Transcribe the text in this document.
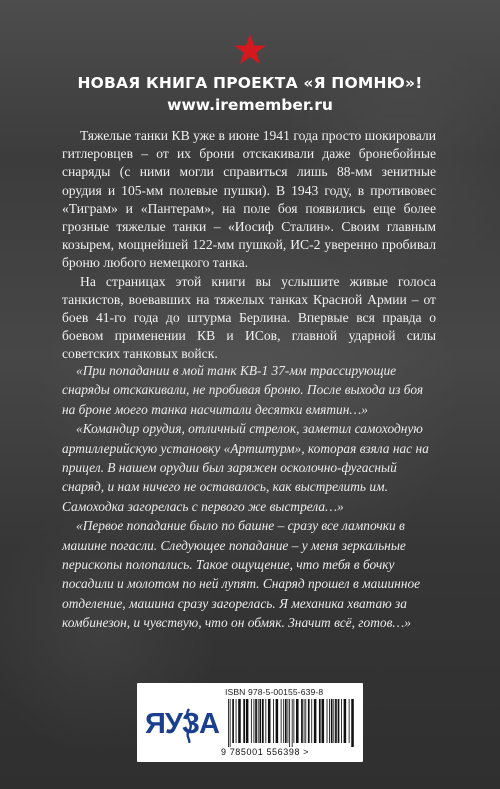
НОВАЯ КНИГА ПРОЕКТА «Я ПОМНЮ»!
www.iremember.ru

Тяжелые танки КВ уже в июне 1941 года просто шокировали гитлеровцев – от их брони отскакивали даже бронебойные снаряды (с ними могли справиться лишь 88-мм зенитные орудия и 105-мм полевые пушки). В 1943 году, в противовес «Тиграм» и «Пантерам», на поле боя появились еще более грозные тяжелые танки – «Иосиф Сталин». Своим главным козырем, мощнейшей 122-мм пушкой, ИС-2 уверенно пробивал броню любого немецкого танка.

На страницах этой книги вы услышите живые голоса танкистов, воевавших на тяжелых танках Красной Армии – от боев 41-го года до штурма Берлина. Впервые вся правда о боевом применении КВ и ИСов, главной ударной силы советских танковых войск.

«При попадании в мой танк КВ-1 37-мм трассирующие снаряды отскакивали, не пробивая броню. После выхода из боя на броне моего танка насчитали десятки вмятин…»

«Командир орудия, отличный стрелок, заметил самоходную артиллерийскую установку «Артштурм», которая взяла нас на прицел. В нашем орудии был заряжен осколочно-фугасный снаряд, и нам ничего не оставалось, как выстрелить им. Самоходка загорелась с первого же выстрела…»

«Первое попадание было по башне – сразу все лампочки в машине погасли. Следующее попадание – у меня зеркальные перископы полопались. Такое ощущение, что тебя в бочку посадили и молотом по ней лупят. Снаряд прошел в машинное отделение, машина сразу загорелась. Я механика хватаю за комбинезон, и чувствую, что он обмяк. Значит всё, готов…»

ЯУЗА
ISBN 978-5-00155-639-8
9 785001 556398 >
